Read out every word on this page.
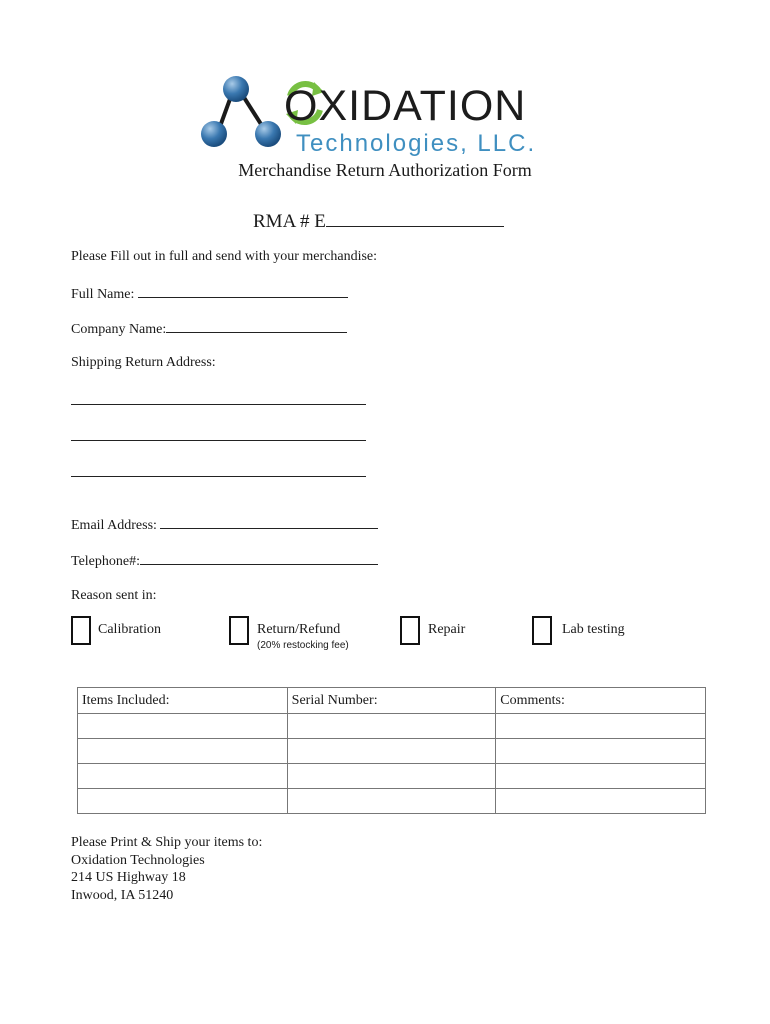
OXIDATION
Technologies, LLC.
Merchandise Return Authorization Form
RMA # E
Please Fill out in full and send with your merchandise:
Full Name:
Company Name:
Shipping Return Address:
Email Address:
Telephone#:
Reason sent in:
Calibration	Return/Refund
(20% restocking fee)
Repair	Lab testing
Items Included:	Serial Number:	Comments:

Please Print & Ship your items to:
Oxidation Technologies
214 US Highway 18
Inwood, IA 51240
